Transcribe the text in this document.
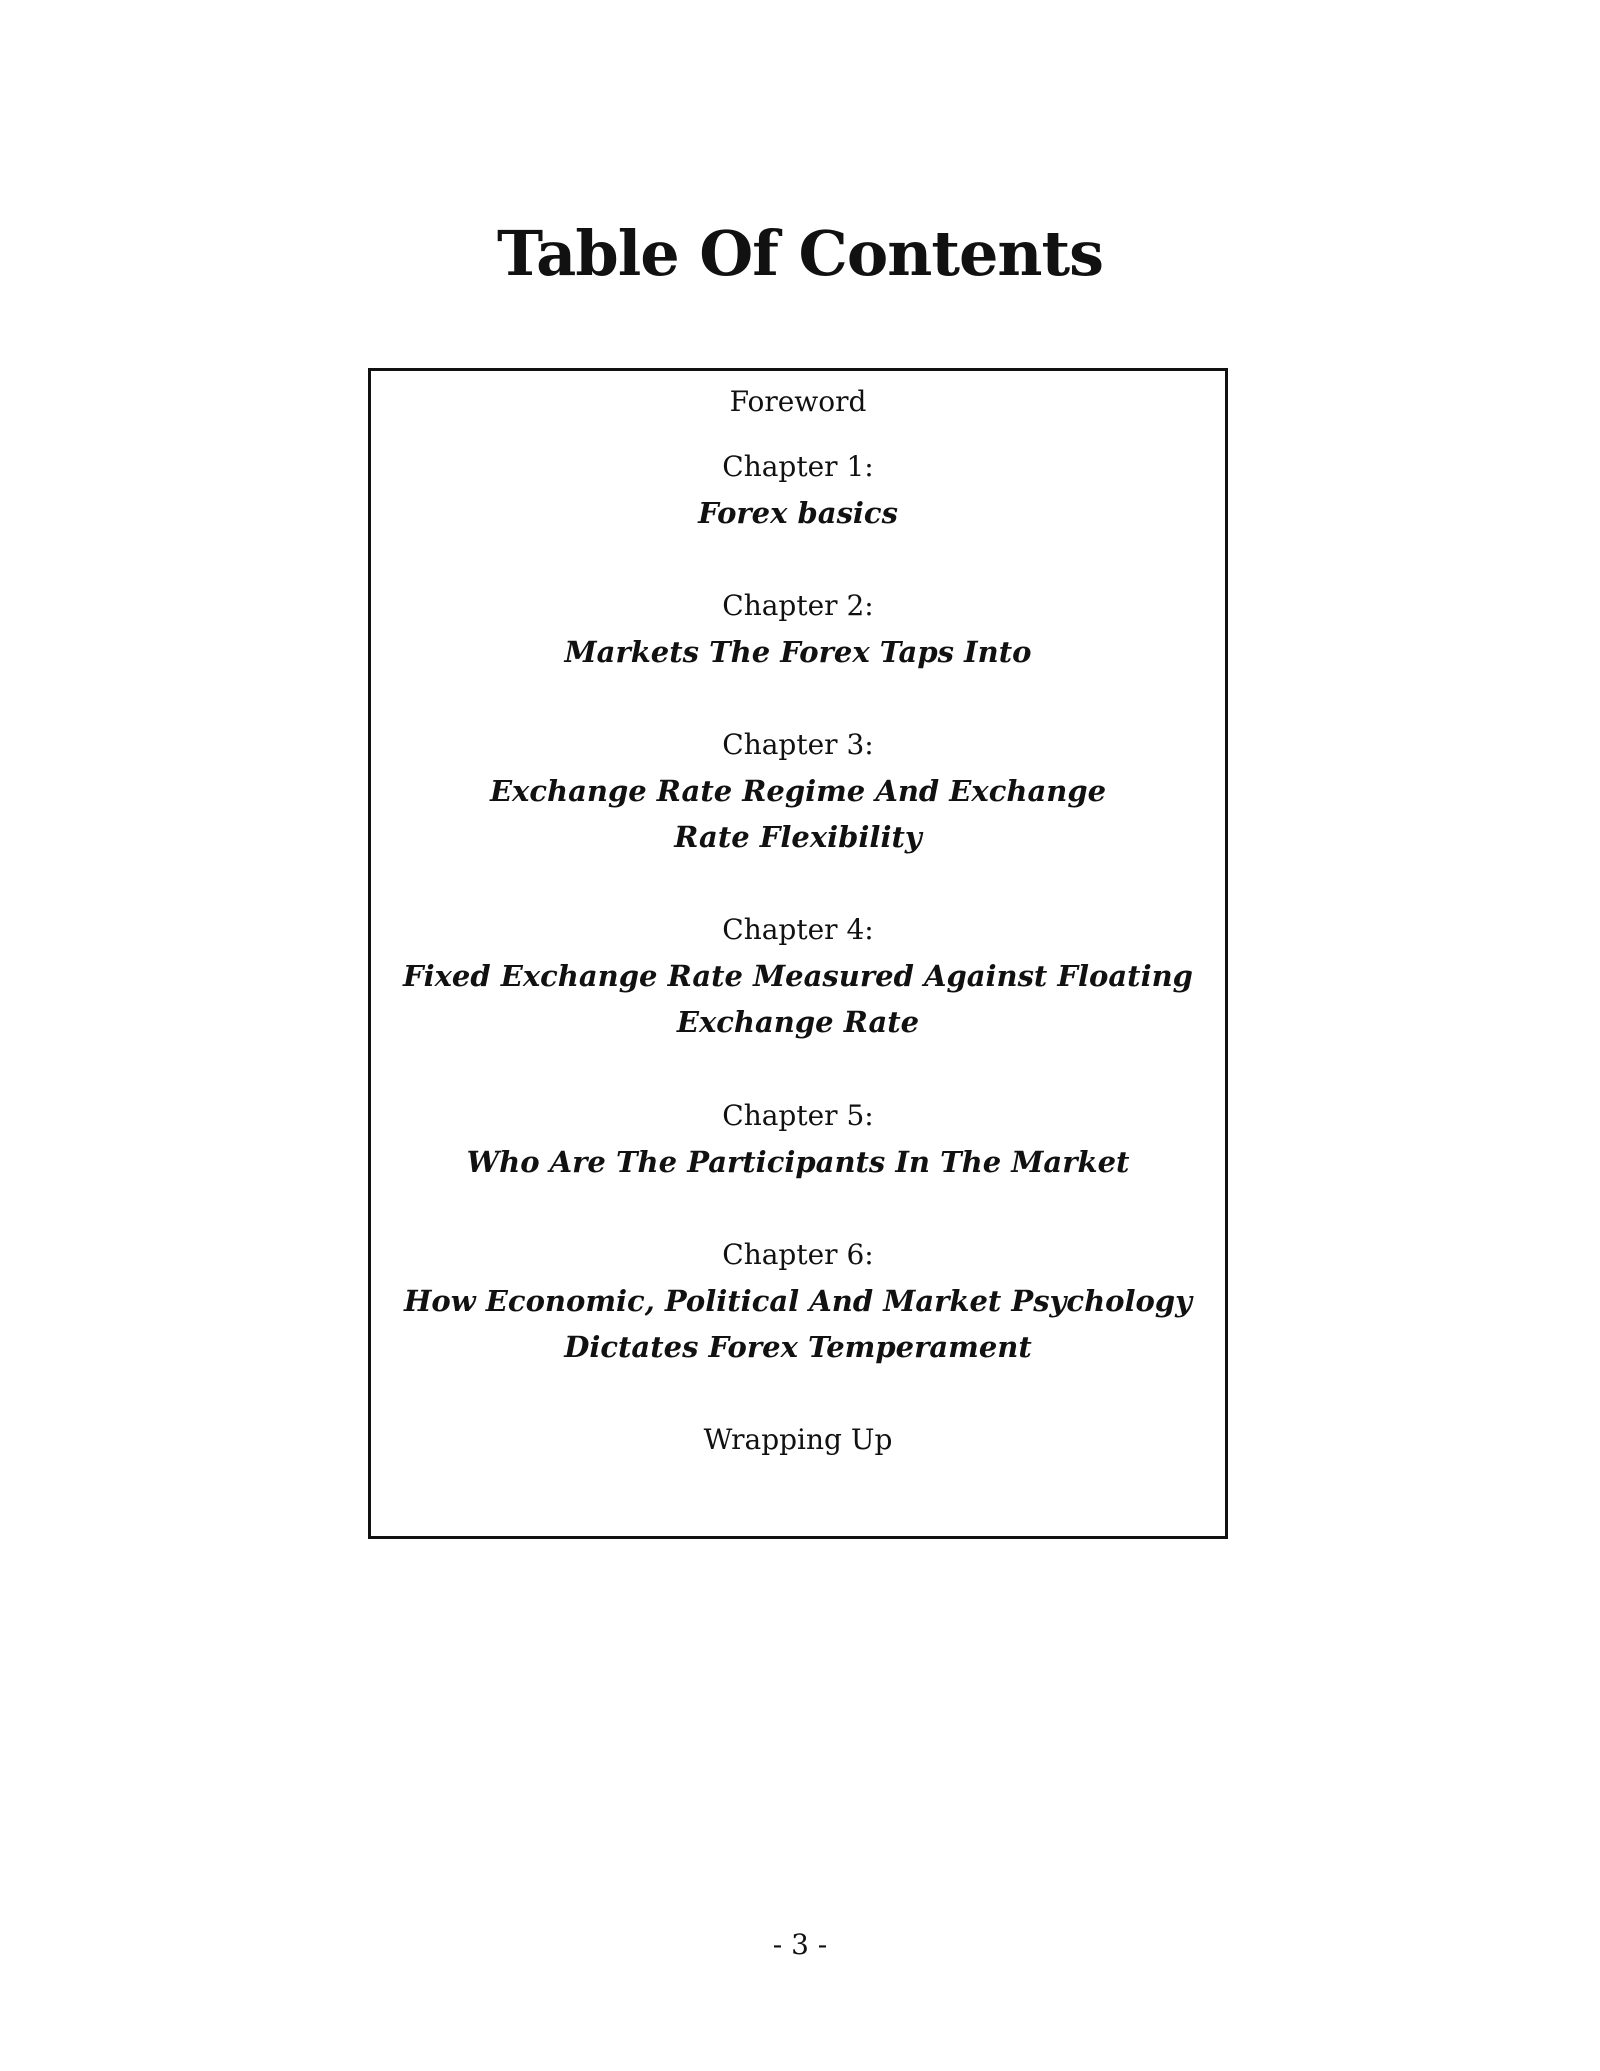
Table Of Contents
Foreword
Chapter 1:
Forex basics
Chapter 2:
Markets The Forex Taps Into
Chapter 3:
Exchange Rate Regime And Exchange Rate Flexibility
Chapter 4:
Fixed Exchange Rate Measured Against Floating Exchange Rate
Chapter 5:
Who Are The Participants In The Market
Chapter 6:
How Economic, Political And Market Psychology Dictates Forex Temperament
Wrapping Up
- 3 -
